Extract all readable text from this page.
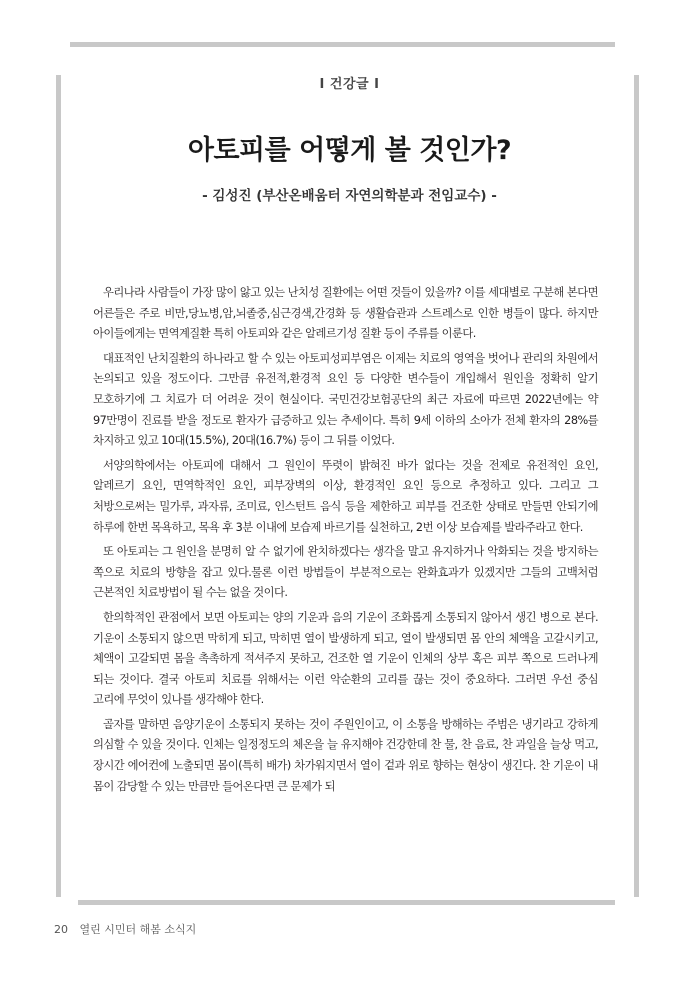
Ⅰ 건강글 Ⅰ
아토피를 어떻게 볼 것인가?
- 김성진 (부산온배움터 자연의학분과 전임교수) -

우리나라 사람들이 가장 많이 앓고 있는 난치성 질환에는 어떤 것들이 있을까? 이를 세대별로 구분해 본다면 어른들은 주로 비만,당뇨병,암,뇌졸중,심근경색,간경화 등 생활습관과 스트레스로 인한 병들이 많다. 하지만 아이들에게는 면역계질환 특히 아토피와 같은 알레르기성 질환 등이 주류를 이룬다.

대표적인 난치질환의 하나라고 할 수 있는 아토피성피부염은 이제는 치료의 영역을 벗어나 관리의 차원에서 논의되고 있을 정도이다. 그만큼 유전적,환경적 요인 등 다양한 변수들이 개입해서 원인을 정확히 알기 모호하기에 그 치료가 더 어려운 것이 현실이다. 국민건강보험공단의 최근 자료에 따르면 2022년에는 약 97만명이 진료를 받을 정도로 환자가 급증하고 있는 추세이다. 특히 9세 이하의 소아가 전체 환자의 28%를 차지하고 있고 10대(15.5%), 20대(16.7%) 등이 그 뒤를 이었다.

서양의학에서는 아토피에 대해서 그 원인이 뚜렷이 밝혀진 바가 없다는 것을 전제로 유전적인 요인, 알레르기 요인, 면역학적인 요인, 피부장벽의 이상, 환경적인 요인 등으로 추정하고 있다. 그리고 그 처방으로써는 밀가루, 과자류, 조미료, 인스턴트 음식 등을 제한하고 피부를 건조한 상태로 만들면 안되기에 하루에 한번 목욕하고, 목욕 후 3분 이내에 보습제 바르기를 실천하고, 2번 이상 보습제를 발라주라고 한다.

또 아토피는 그 원인을 분명히 알 수 없기에 완치하겠다는 생각을 말고 유지하거나 악화되는 것을 방지하는 쪽으로 치료의 방향을 잡고 있다.물론 이런 방법들이 부분적으로는 완화효과가 있겠지만 그들의 고백처럼 근본적인 치료방법이 될 수는 없을 것이다.

한의학적인 관점에서 보면 아토피는 양의 기운과 음의 기운이 조화롭게 소통되지 않아서 생긴 병으로 본다. 기운이 소통되지 않으면 막히게 되고, 막히면 열이 발생하게 되고, 열이 발생되면 몸 안의 체액을 고갈시키고, 체액이 고갈되면 몸을 촉촉하게 적셔주지 못하고, 건조한 열 기운이 인체의 상부 혹은 피부 쪽으로 드러나게 되는 것이다. 결국 아토피 치료를 위해서는 이런 악순환의 고리를 끊는 것이 중요하다. 그러면 우선 중심 고리에 무엇이 있나를 생각해야 한다.

골자를 말하면 음양기운이 소통되지 못하는 것이 주원인이고, 이 소통을 방해하는 주범은 냉기라고 강하게 의심할 수 있을 것이다. 인체는 일정정도의 체온을 늘 유지해야 건강한데 찬 물, 찬 음료, 찬 과일을 늘상 먹고,장시간 에어컨에 노출되면 몸이(특히 배가) 차가워지면서 열이 겉과 위로 향하는 현상이 생긴다. 찬 기운이 내 몸이 감당할 수 있는 만큼만 들어온다면 큰 문제가 되

20 열린 시민터 해봄 소식지
